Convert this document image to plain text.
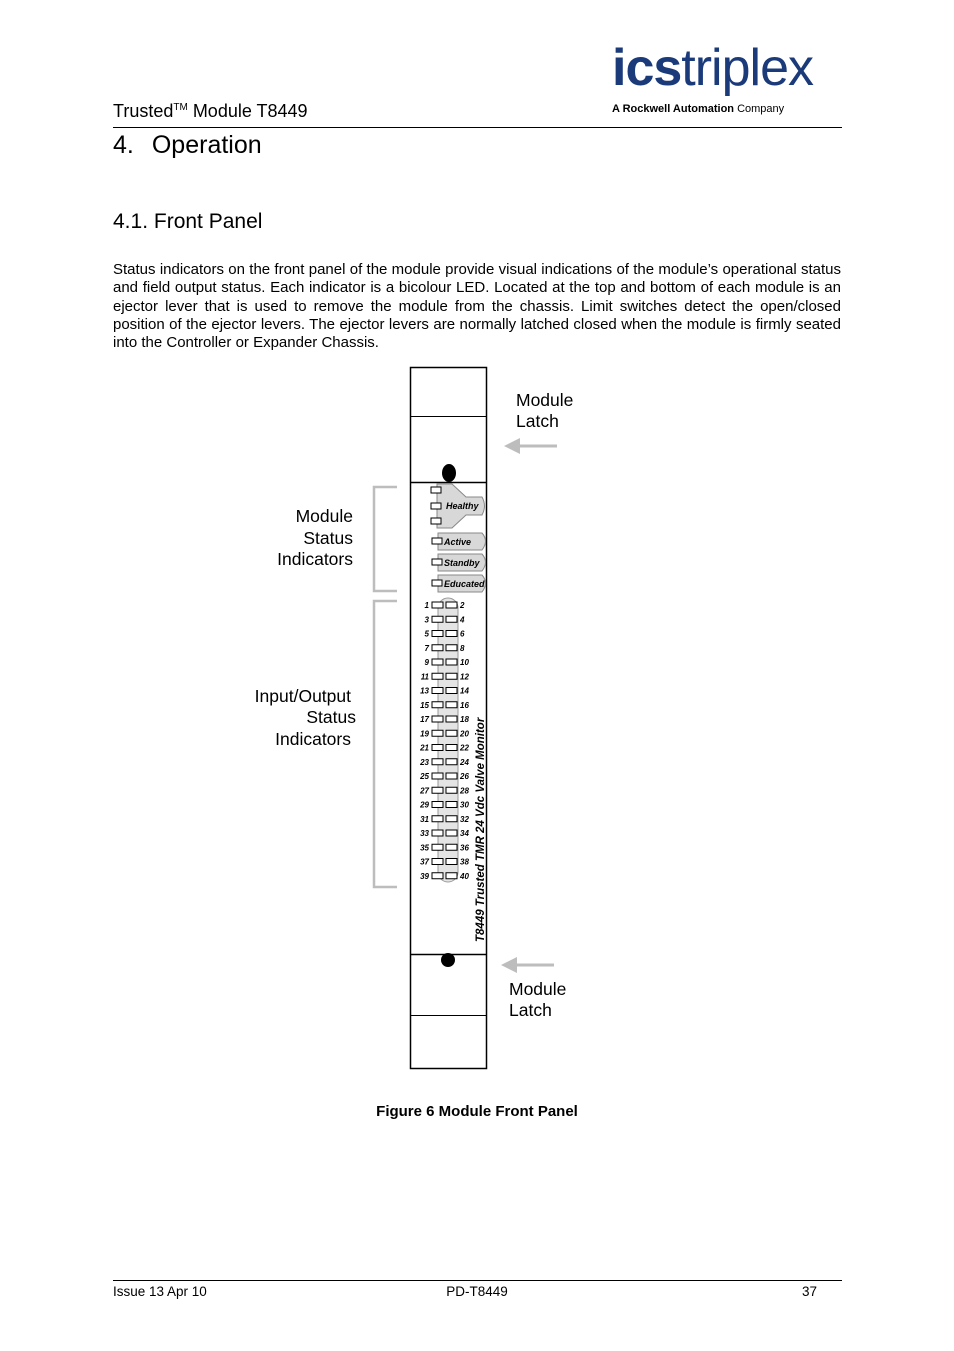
icstriplex
A Rockwell Automation Company
Trusted™ Module T8449
4. Operation
4.1. Front Panel
Status indicators on the front panel of the module provide visual indications of the module’s operational status and field output status. Each indicator is a bicolour LED. Located at the top and bottom of each module is an ejector lever that is used to remove the module from the chassis. Limit switches detect the open/closed position of the ejector levers. The ejector levers are normally latched closed when the module is firmly seated into the Controller or Expander Chassis.
Healthy
Active
Standby
Educated
1	2
3	4
5	6
7	8
9	10
11	12
13	14
15	16
17	18
19	20
21	22
23	24
25	26
27	28
29	30
31	32
33	34
35	36
37	38
39	40 T8449 Trusted TMR 24 Vdc Valve Monitor
Module
Latch
Module
Latch
Module
Status
Indicators
Input/Output
Status
Indicators
Figure 6 Module Front Panel
Issue 13 Apr 10	PD-T8449	37
